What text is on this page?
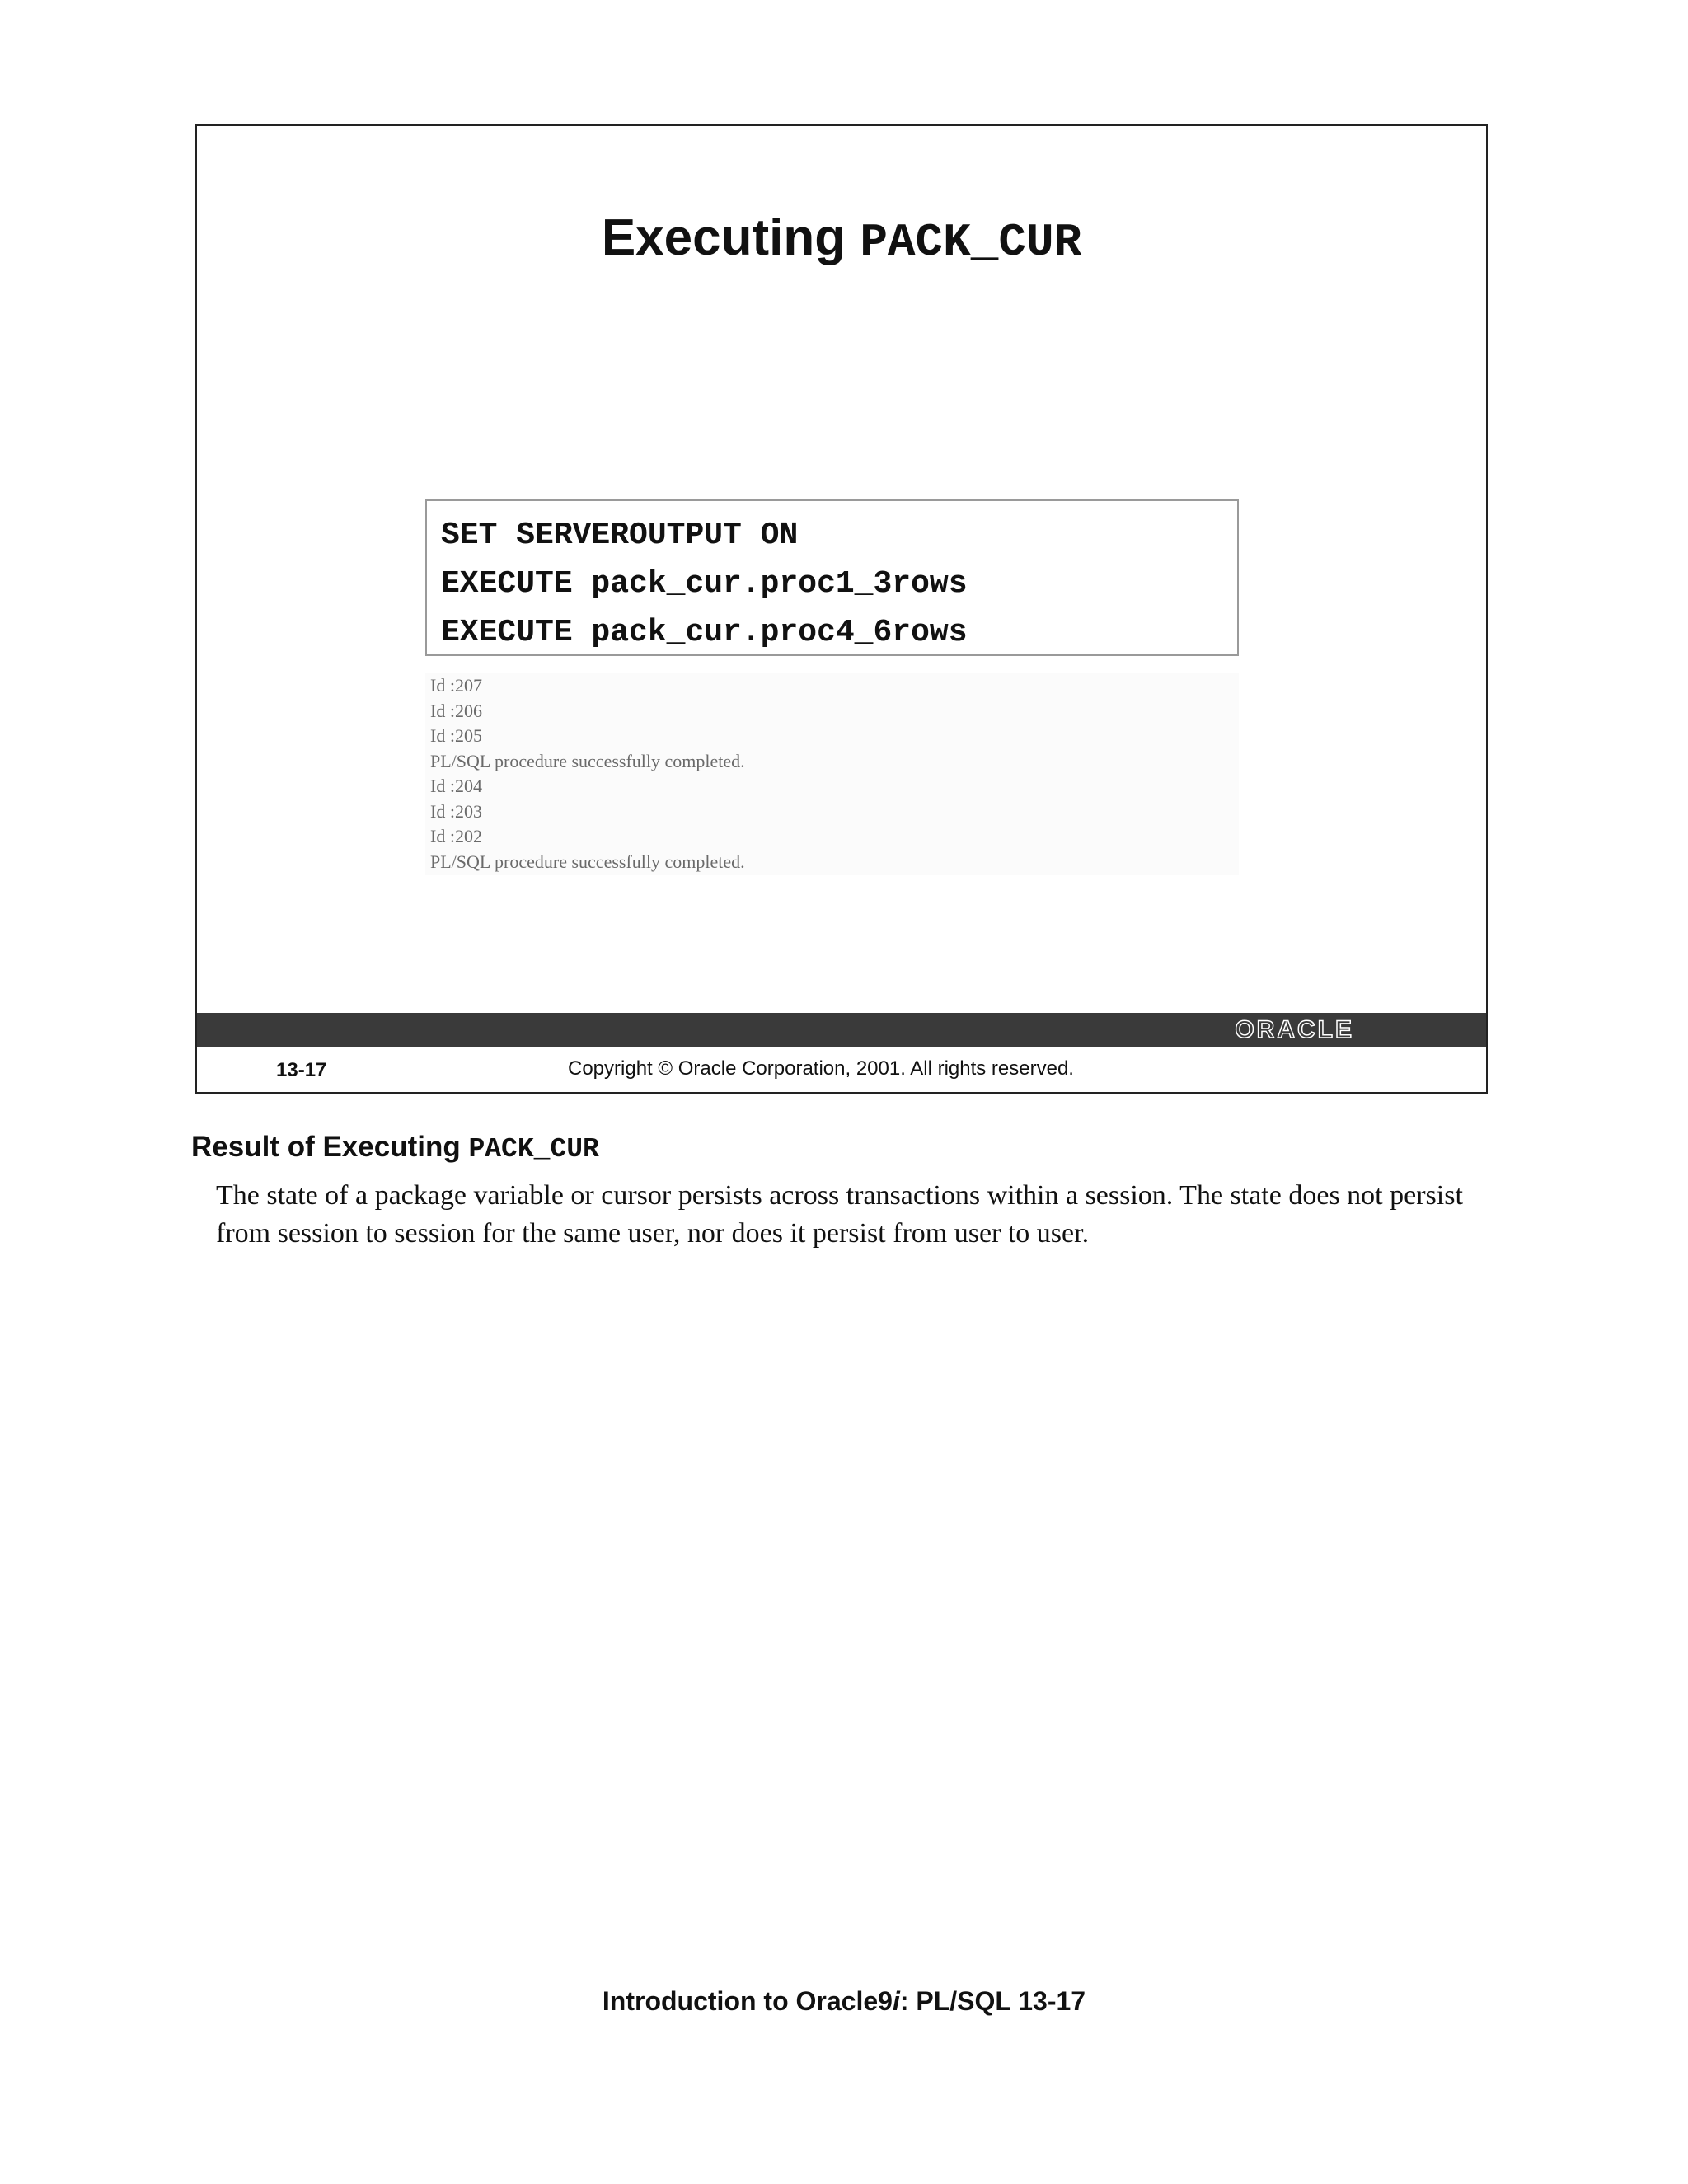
Executing PACK_CUR
SET SERVEROUTPUT ON
EXECUTE pack_cur.proc1_3rows
EXECUTE pack_cur.proc4_6rows
Id :207
Id :206
Id :205
PL/SQL procedure successfully completed.
Id :204
Id :203
Id :202
PL/SQL procedure successfully completed.
ORACLE
13-17	Copyright © Oracle Corporation, 2001. All rights reserved.
Result of Executing PACK_CUR
The state of a package variable or cursor persists across transactions within a session. The state does not persist from session to session for the same user, nor does it persist from user to user.
Introduction to Oracle9i: PL/SQL 13-17
